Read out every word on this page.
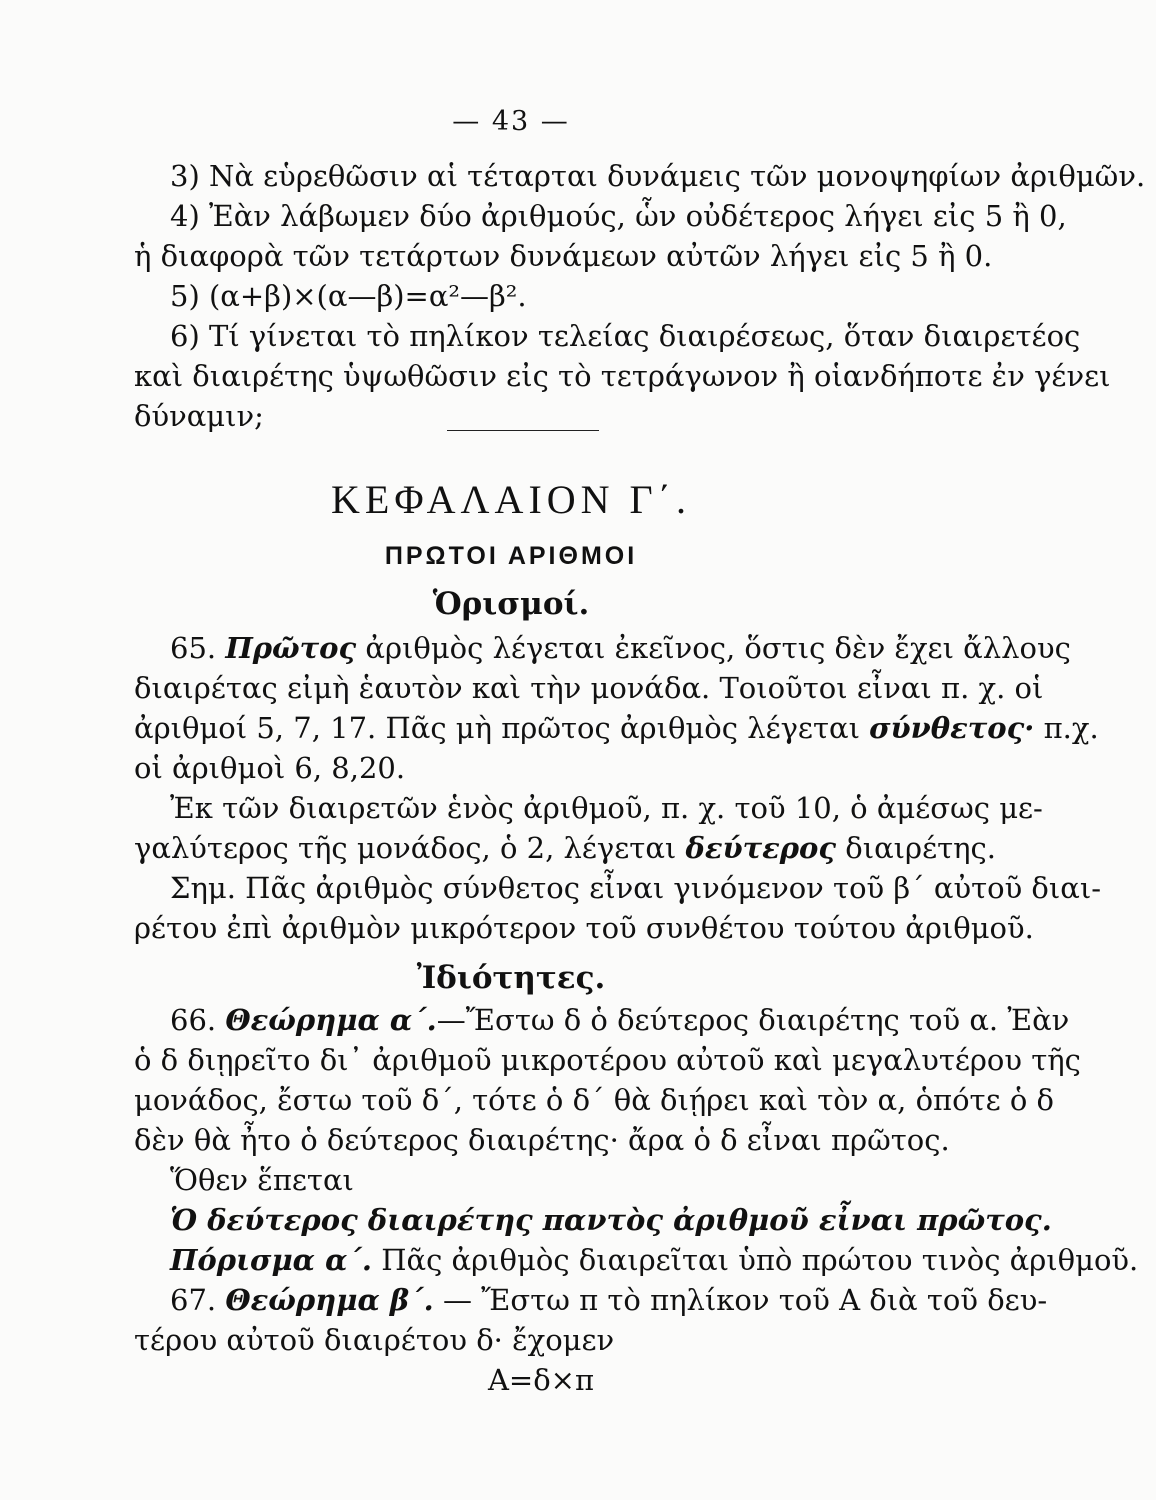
— 43 —
3) Νὰ εὑρεθῶσιν αἱ τέταρται δυνάμεις τῶν μονοψηφίων ἀριθμῶν.
4) Ἐὰν λάβωμεν δύο ἀριθμούς, ὧν οὐδέτερος λήγει εἰς 5 ἢ 0,
ἡ διαφορὰ τῶν τετάρτων δυνάμεων αὐτῶν λήγει εἰς 5 ἢ 0.
5) (α+β)×(α—β)=α²—β².
6) Τί γίνεται τὸ πηλίκον τελείας διαιρέσεως, ὅταν διαιρετέος
καὶ διαιρέτης ὑψωθῶσιν εἰς τὸ τετράγωνον ἢ οἱανδήποτε ἐν γένει
δύναμιν;
ΚΕΦΑΛΑΙΟΝ Γ΄.
ΠΡΩΤΟΙ ΑΡΙΘΜΟΙ
Ὁρισμοί.
65. Πρῶτος ἀριθμὸς λέγεται ἐκεῖνος, ὅστις δὲν ἔχει ἄλλους
διαιρέτας εἰμὴ ἑαυτὸν καὶ τὴν μονάδα. Τοιοῦτοι εἶναι π. χ. οἱ
ἀριθμοί 5, 7, 17. Πᾶς μὴ πρῶτος ἀριθμὸς λέγεται σύνθετος· π.χ.
οἱ ἀριθμοὶ 6, 8,20.
Ἐκ τῶν διαιρετῶν ἑνὸς ἀριθμοῦ, π. χ. τοῦ 10, ὁ ἀμέσως με-
γαλύτερος τῆς μονάδος, ὁ 2, λέγεται δεύτερος διαιρέτης.
Σημ. Πᾶς ἀριθμὸς σύνθετος εἶναι γινόμενον τοῦ β΄ αὐτοῦ διαι-
ρέτου ἐπὶ ἀριθμὸν μικρότερον τοῦ συνθέτου τούτου ἀριθμοῦ.
Ἰδιότητες.
66. Θεώρημα α΄.—Ἔστω δ ὁ δεύτερος διαιρέτης τοῦ α. Ἐὰν
ὁ δ διῃρεῖτο δι᾽ ἀριθμοῦ μικροτέρου αὐτοῦ καὶ μεγαλυτέρου τῆς
μονάδος, ἔστω τοῦ δ΄, τότε ὁ δ΄ θὰ διῄρει καὶ τὸν α, ὁπότε ὁ δ
δὲν θὰ ἦτο ὁ δεύτερος διαιρέτης· ἄρα ὁ δ εἶναι πρῶτος.
Ὅθεν ἕπεται
Ὁ δεύτερος διαιρέτης παντὸς ἀριθμοῦ εἶναι πρῶτος.
Πόρισμα α΄. Πᾶς ἀριθμὸς διαιρεῖται ὑπὸ πρώτου τινὸς ἀριθμοῦ.
67. Θεώρημα β΄. — Ἔστω π τὸ πηλίκον τοῦ Α διὰ τοῦ δευ-
τέρου αὐτοῦ διαιρέτου δ· ἔχομεν
Α=δ×π
